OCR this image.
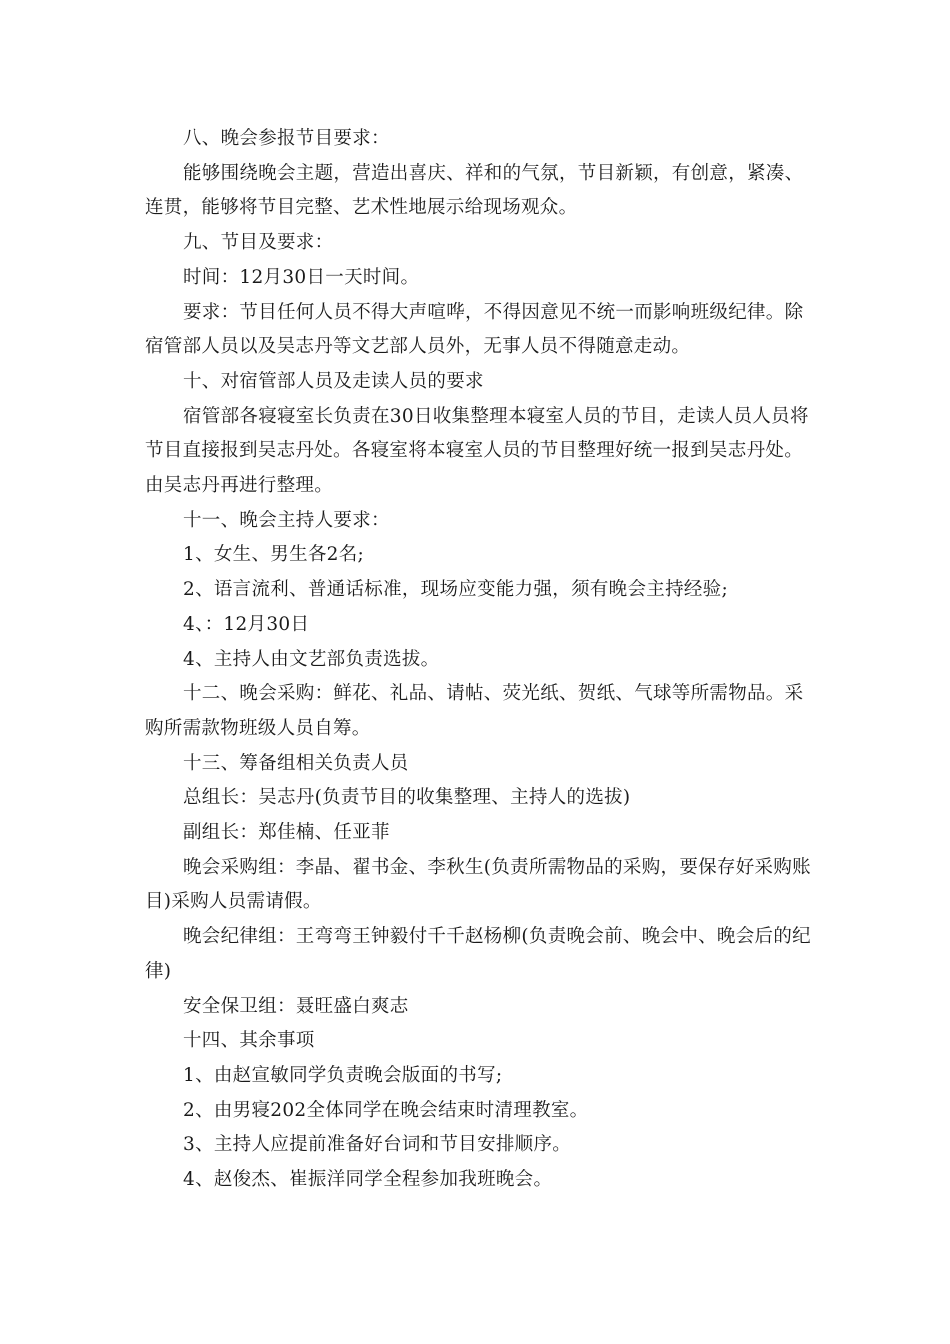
八、晚会参报节目要求：

能够围绕晚会主题，营造出喜庆、祥和的气氛，节目新颖，有创意，紧凑、连贯，能够将节目完整、艺术性地展示给现场观众。

九、节目及要求：

时间：12月30日一天时间。

要求：节目任何人员不得大声喧哗，不得因意见不统一而影响班级纪律。除宿管部人员以及吴志丹等文艺部人员外，无事人员不得随意走动。

十、对宿管部人员及走读人员的要求

宿管部各寝寝室长负责在30日收集整理本寝室人员的节目，走读人员人员将节目直接报到吴志丹处。各寝室将本寝室人员的节目整理好统一报到吴志丹处。由吴志丹再进行整理。

十一、晚会主持人要求：

1、女生、男生各2名;

2、语言流利、普通话标准，现场应变能力强，须有晚会主持经验;

4、：12月30日

4、主持人由文艺部负责选拔。

十二、晚会采购：鲜花、礼品、请帖、荧光纸、贺纸、气球等所需物品。采购所需款物班级人员自筹。

十三、筹备组相关负责人员

总组长：吴志丹(负责节目的收集整理、主持人的选拔)

副组长：郑佳楠、任亚菲

晚会采购组：李晶、翟书金、李秋生(负责所需物品的采购，要保存好采购账目)采购人员需请假。

晚会纪律组：王弯弯王钟毅付千千赵杨柳(负责晚会前、晚会中、晚会后的纪律)

安全保卫组：聂旺盛白爽志

十四、其余事项

1、由赵宣敏同学负责晚会版面的书写;

2、由男寝202全体同学在晚会结束时清理教室。

3、主持人应提前准备好台词和节目安排顺序。

4、赵俊杰、崔振洋同学全程参加我班晚会。
